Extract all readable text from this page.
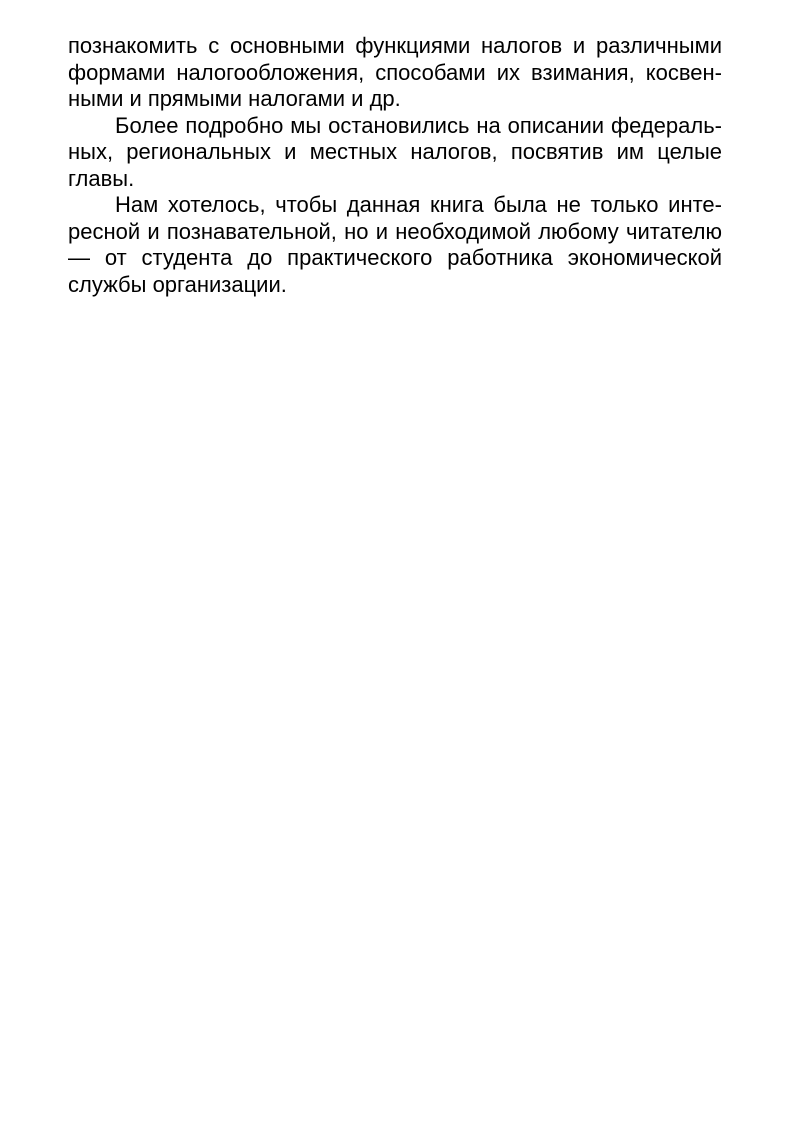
познакомить с основными функциями налогов и различными
формами налогообложения, способами их взимания, косвен-
ными и прямыми налогами и др.
Более подробно мы остановились на описании федераль-
ных, региональных и местных налогов, посвятив им целые
главы.
Нам хотелось, чтобы данная книга была не только инте-
ресной и познавательной, но и необходимой любому читателю
— от студента до практического работника экономической
службы организации.
